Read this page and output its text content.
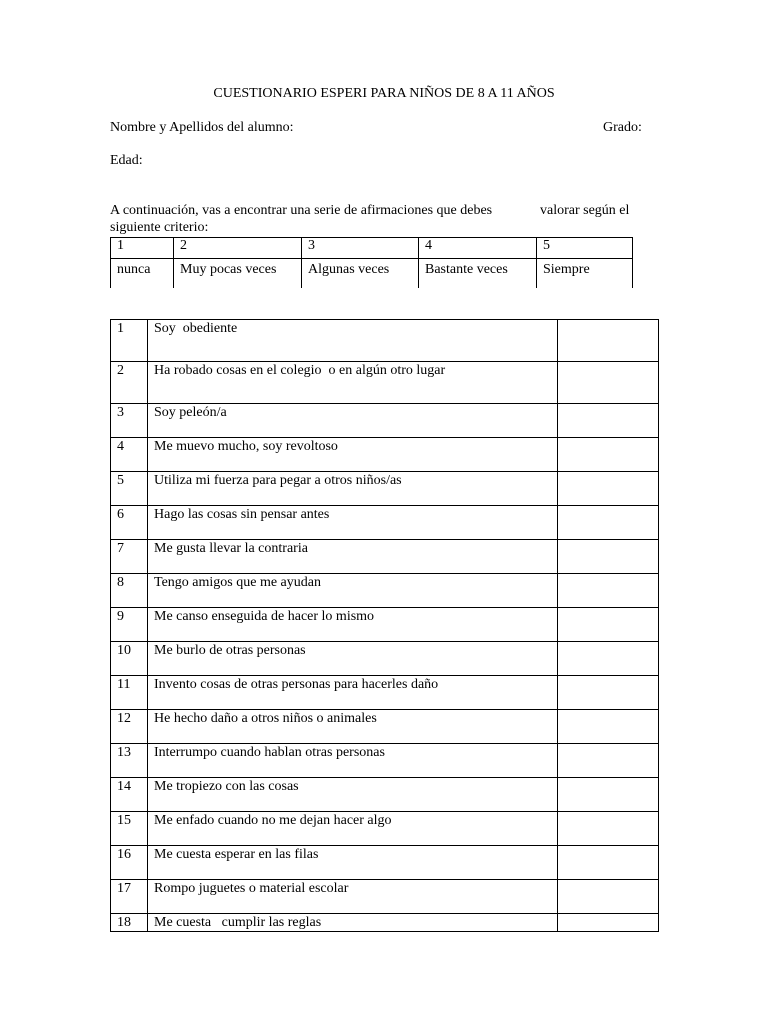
CUESTIONARIO ESPERI PARA NIÑOS DE 8 A 11 AÑOS
Nombre y Apellidos del alumno:	Grado:
Edad:
A continuación, vas a encontrar una serie de afirmaciones que debes	valorar según el
siguiente criterio:
1	2	3	4	5
nunca	Muy pocas veces	Algunas veces	Bastante veces	Siempre
1	Soy  obediente	

2	Ha robado cosas en el colegio  o en algún otro lugar	

3	Soy peleón/a	

4	Me muevo mucho, soy revoltoso	

5	Utiliza mi fuerza para pegar a otros niños/as	

6	Hago las cosas sin pensar antes	

7	Me gusta llevar la contraria	

8	Tengo amigos que me ayudan	

9	Me canso enseguida de hacer lo mismo	

10	Me burlo de otras personas	

11	Invento cosas de otras personas para hacerles daño	

12	He hecho daño a otros niños o animales	

13	Interrumpo cuando hablan otras personas	

14	Me tropiezo con las cosas	

15	Me enfado cuando no me dejan hacer algo	

16	Me cuesta esperar en las filas	

17	Rompo juguetes o material escolar	

18	Me cuesta   cumplir las reglas	
